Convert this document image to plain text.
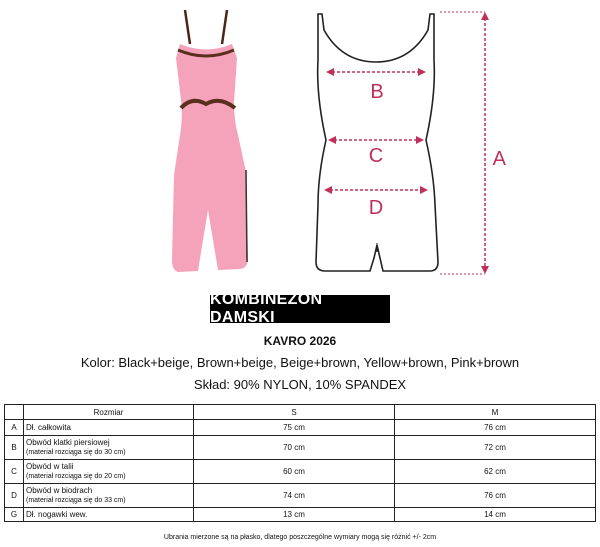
B
C
D
A
KOMBINEZON DAMSKI
KAVRO 2026
Kolor: Black+beige, Brown+beige, Beige+brown, Yellow+brown, Pink+brown
Skład: 90% NYLON, 10% SPANDEX
	Rozmiar	S	M
A	Dł. całkowita	75 cm	76 cm
B	Obwód klatki piersiowej
(materiał rozciąga się do 30 cm)	70 cm	72 cm
C	Obwód w talii
(materiał rozciąga się do 20 cm)	60 cm	62 cm
D	Obwód w biodrach
(materiał rozciąga się do 33 cm)	74 cm	76 cm
G	Dł. nogawki wew.	13 cm	14 cm
Ubrania mierzone są na płasko, dlatego poszczególne wymiary mogą się różnić +/- 2cm
